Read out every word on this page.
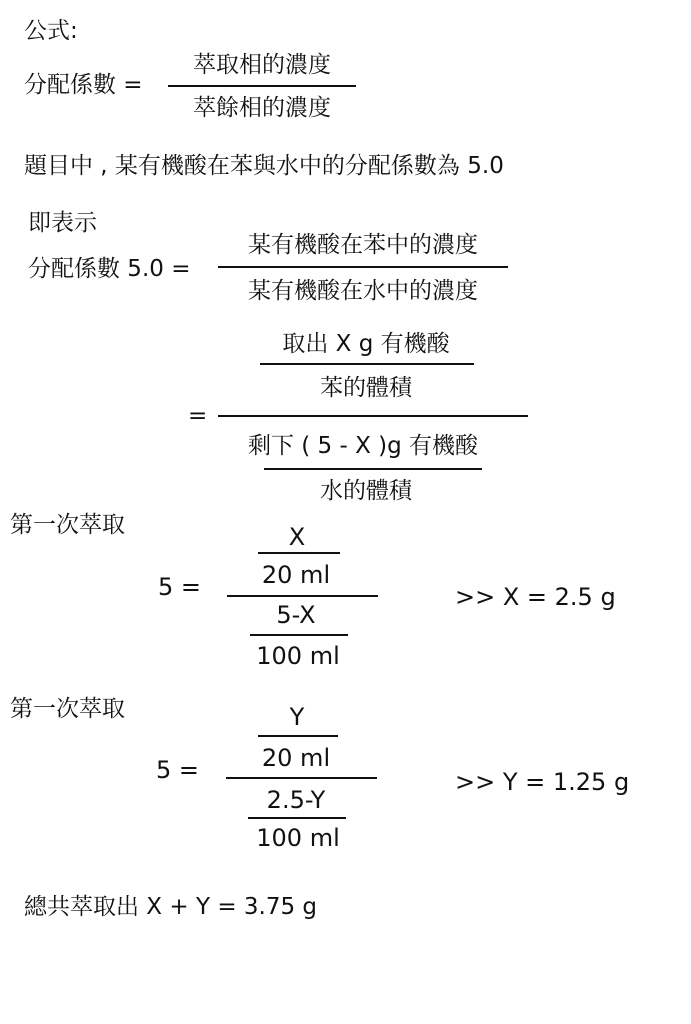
公式:
分配係數 =
萃取相的濃度
萃餘相的濃度
題目中 , 某有機酸在苯與水中的分配係數為 5.0
即表示
分配係數 5.0 =
某有機酸在苯中的濃度
某有機酸在水中的濃度
取出 X g 有機酸
苯的體積
=
剩下 ( 5 - X )g 有機酸
水的體積
第一次萃取	X
20 ml
5 =
5-X
100 ml
>> X = 2.5 g
第一次萃取	Y
20 ml
5 =
2.5-Y
100 ml
>> Y = 1.25 g
總共萃取出 X + Y = 3.75 g
